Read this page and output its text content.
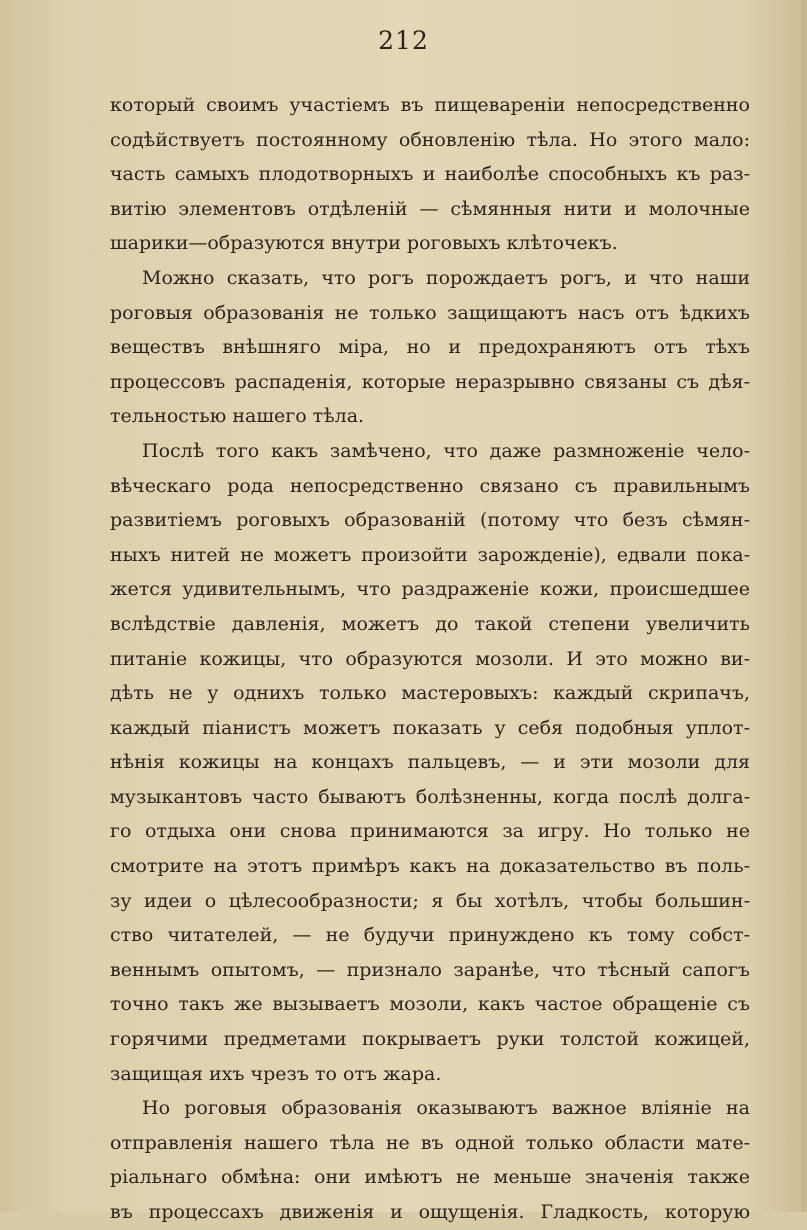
212
который своимъ участіемъ въ пищевареніи непосредственно
содѣйствуетъ постоянному обновленію тѣла. Но этого мало:
часть самыхъ плодотворныхъ и наиболѣе способныхъ къ раз-
витію элементовъ отдѣленій — сѣмянныя нити и молочные
шарики—образуются внутри роговыхъ клѣточекъ.
Можно сказать, что рогъ порождаетъ рогъ, и что наши
роговыя образованія не только защищаютъ насъ отъ ѣдкихъ
веществъ внѣшняго міра, но и предохраняютъ отъ тѣхъ
процессовъ распаденія, которые неразрывно связаны съ дѣя-
тельностью нашего тѣла.
Послѣ того какъ замѣчено, что даже размноженіе чело-
вѣческаго рода непосредственно связано съ правильнымъ
развитіемъ роговыхъ образованій (потому что безъ сѣмян-
ныхъ нитей не можетъ произойти зарожденіе), едвали пока-
жется удивительнымъ, что раздраженіе кожи, происшедшее
вслѣдствіе давленія, можетъ до такой степени увеличить
питаніе кожицы, что образуются мозоли. И это можно ви-
дѣть не у однихъ только мастеровыхъ: каждый скрипачъ,
каждый піанистъ можетъ показать у себя подобныя уплот-
нѣнія кожицы на концахъ пальцевъ, — и эти мозоли для
музыкантовъ часто бываютъ болѣзненны, когда послѣ долга-
го отдыха они снова принимаются за игру. Но только не
смотрите на этотъ примѣръ какъ на доказательство въ поль-
зу идеи о цѣлесообразности; я бы хотѣлъ, чтобы большин-
ство читателей, — не будучи принуждено къ тому собст-
веннымъ опытомъ, — признало заранѣе, что тѣсный сапогъ
точно такъ же вызываетъ мозоли, какъ частое обращеніе съ
горячими предметами покрываетъ руки толстой кожицей,
защищая ихъ чрезъ то отъ жара.
Но роговыя образованія оказываютъ важное вліяніе на
отправленія нашего тѣла не въ одной только области мате-
ріальнаго обмѣна: они имѣютъ не меньше значенія также
въ процессахъ движенія и ощущенія. Гладкость, которую
